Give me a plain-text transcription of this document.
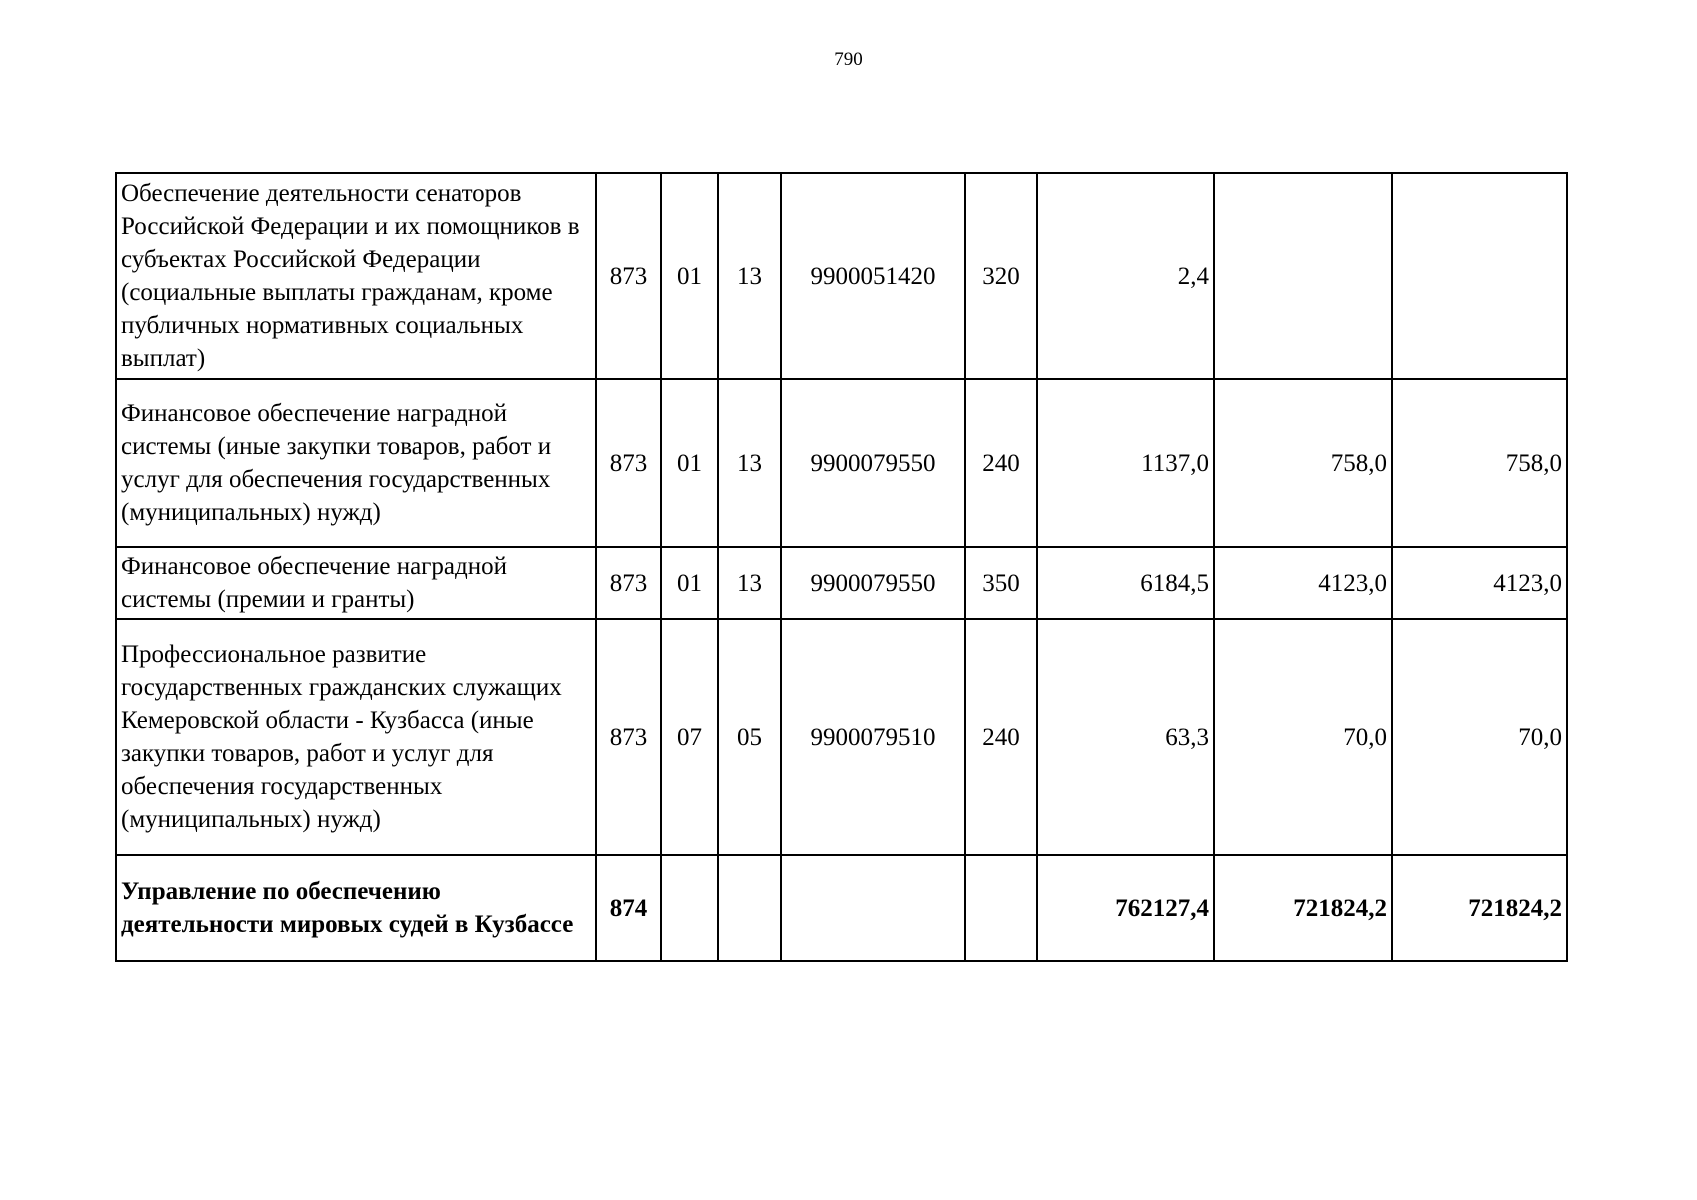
790
Обеспечение деятельности сенаторов Российской Федерации и их помощников в субъектах Российской Федерации (социальные выплаты гражданам, кроме публичных нормативных социальных выплат)	873	01	13	9900051420	320	2,4		
Финансовое обеспечение наградной системы (иные закупки товаров, работ и услуг для обеспечения государственных (муниципальных) нужд)	873	01	13	9900079550	240	1137,0	758,0	758,0
Финансовое обеспечение наградной системы (премии и гранты)	873	01	13	9900079550	350	6184,5	4123,0	4123,0
Профессиональное развитие государственных гражданских служащих Кемеровской области - Кузбасса (иные закупки товаров, работ и услуг для обеспечения государственных (муниципальных) нужд)	873	07	05	9900079510	240	63,3	70,0	70,0
Управление по обеспечению деятельности мировых судей в Кузбассе	874					762127,4	721824,2	721824,2
